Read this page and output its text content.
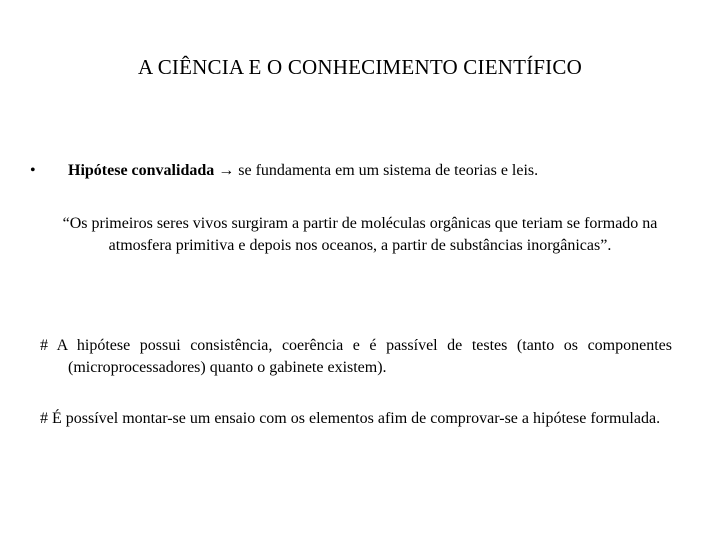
A CIÊNCIA E O CONHECIMENTO CIENTÍFICO
• Hipótese convalidada → se fundamenta em um sistema de teorias e leis.
“Os primeiros seres vivos surgiram a partir de moléculas orgânicas que teriam se formado na atmosfera primitiva e depois nos oceanos, a partir de substâncias inorgânicas”.
# A hipótese possui consistência, coerência e é passível de testes (tanto os componentes (microprocessadores) quanto o gabinete existem).
# É possível montar-se um ensaio com os elementos afim de comprovar-se a hipótese formulada.
